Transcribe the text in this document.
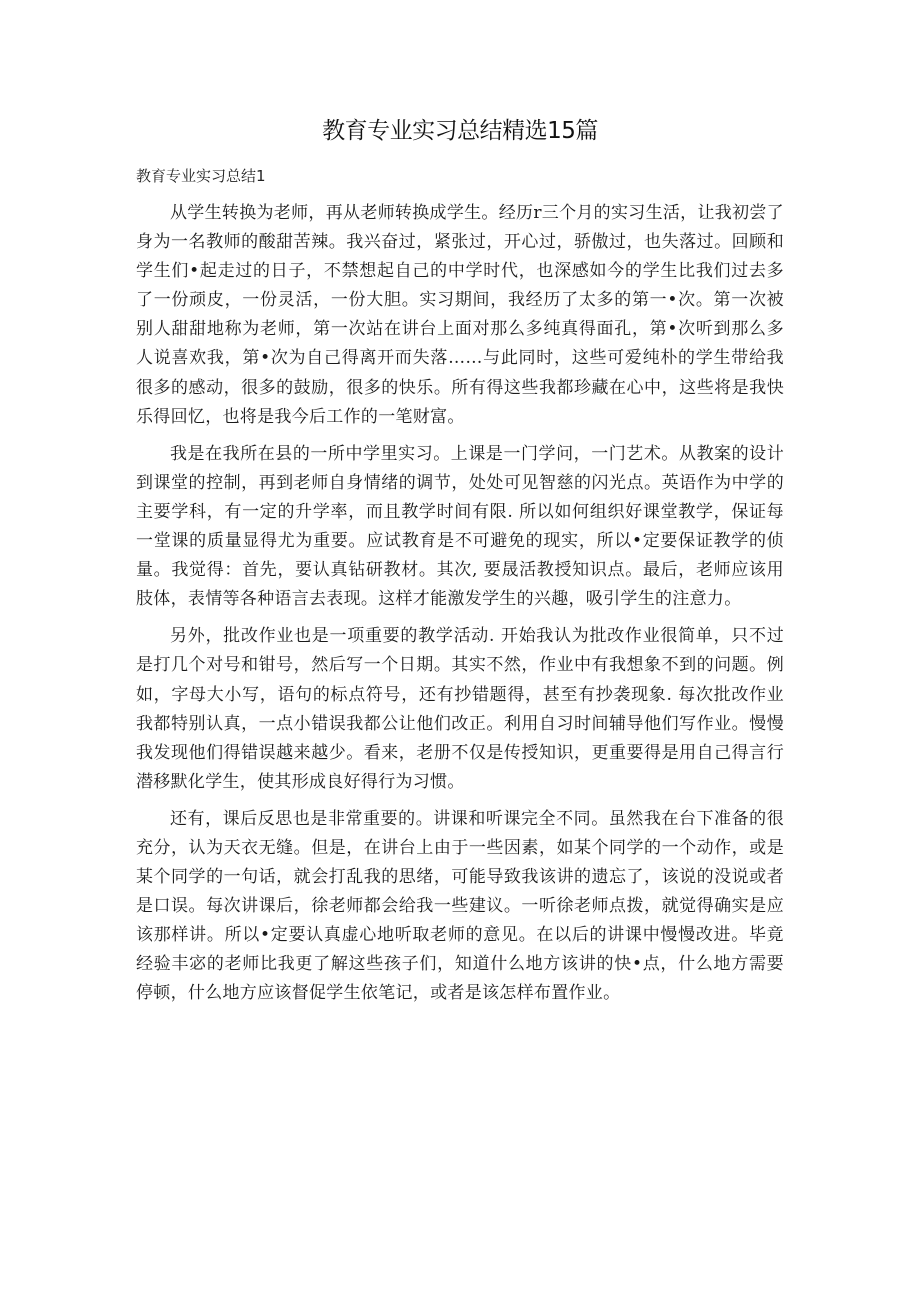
教育专业实习总结精选15篇
教育专业实习总结1

从学生转换为老师，再从老师转换成学生。经历r三个月的实习生活，让我初尝了身为一名教师的酸甜苦辣。我兴奋过，紧张过，开心过，骄傲过，也失落过。回顾和学生们•起走过的日子，不禁想起自己的中学时代，也深感如今的学生比我们过去多了一份顽皮，一份灵活，一份大胆。实习期间，我经历了太多的第一•次。第一次被别人甜甜地称为老师，第一次站在讲台上面对那么多纯真得面孔，第•次听到那么多人说喜欢我，第•次为自己得离开而失落……与此同时，这些可爱纯朴的学生带给我很多的感动，很多的鼓励，很多的快乐。所有得这些我都珍藏在心中，这些将是我快乐得回忆，也将是我今后工作的一笔财富。

我是在我所在县的一所中学里实习。上课是一门学问，一门艺术。从教案的设计到课堂的控制，再到老师自身情绪的调节，处处可见智慈的闪光点。英语作为中学的主要学科，有一定的升学率，而且教学时间有限. 所以如何组织好课堂教学，保证每一堂课的质量显得尤为重要。应试教育是不可避免的现实，所以•定要保证教学的侦量。我觉得：首先，要认真钻研教材。其次, 要晟活教授知识点。最后，老师应该用肢体，表情等各种语言去表现。这样才能激发学生的兴趣，吸引学生的注意力。

另外，批改作业也是一项重要的教学活动. 开始我认为批改作业很简单，只不过是打几个对号和钳号，然后写一个日期。其实不然，作业中有我想象不到的问题。例如，字母大小写，语句的标点符号，还有抄错题得，甚至有抄袭现象. 每次批改作业我都特别认真，一点小错误我都公让他们改正。利用自习时间辅导他们写作业。慢慢我发现他们得错误越来越少。看来，老册不仅是传授知识，更重要得是用自己得言行潜移默化学生，使其形成良好得行为习惯。

还有，课后反思也是非常重要的。讲课和听课完全不同。虽然我在台下准备的很充分，认为天衣无缝。但是，在讲台上由于一些因素，如某个同学的一个动作，或是某个同学的一句话，就会打乱我的思绪，可能导致我该讲的遗忘了，该说的没说或者是口误。每次讲课后，徐老师都会给我一些建议。一听徐老师点拨，就觉得确实是应该那样讲。所以•定要认真虚心地听取老师的意见。在以后的讲课中慢慢改进。毕竟经验丰宓的老师比我更了解这些孩子们，知道什么地方该讲的快•点，什么地方需要停顿，什么地方应该督促学生依笔记，或者是该怎样布置作业。
